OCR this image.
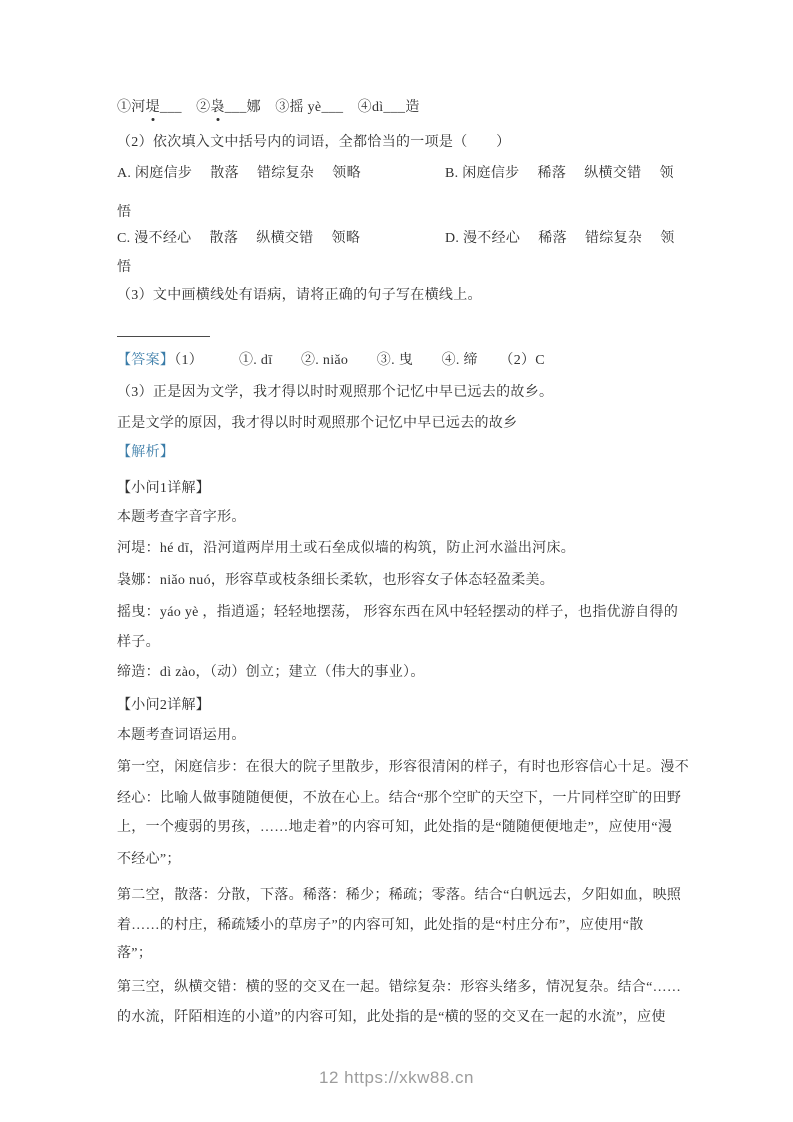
①河堤___　②袅___娜　③摇 yè___　④dì___造
（2）依次填入文中括号内的词语，全都恰当的一项是（　　）
A. 闲庭信步　 散落　 错综复杂　 领略	B. 闲庭信步　 稀落　 纵横交错　 领
悟
C. 漫不经心　 散落　 纵横交错　 领略	D. 漫不经心　 稀落　 错综复杂　 领
悟
（3）文中画横线处有语病，请将正确的句子写在横线上。
【答案】（1）　　　①. dī　　②. niǎo　　③. 曳　　④. 缔　　（2）C
（3）正是因为文学，我才得以时时观照那个记忆中早已远去的故乡。
正是文学的原因，我才得以时时观照那个记忆中早已远去的故乡
【解析】
【小问1详解】
本题考查字音字形。
河堤：hé dī，沿河道两岸用土或石垒成似墙的构筑，防止河水溢出河床。
袅娜：niǎo nuó，形容草或枝条细长柔软，也形容女子体态轻盈柔美。
摇曳：yáo yè ，指逍遥；轻轻地摆荡， 形容东西在风中轻轻摆动的样子，也指优游自得的
样子。
缔造：dì zào，（动）创立；建立（伟大的事业）。
【小问2详解】
本题考查词语运用。
第一空，闲庭信步：在很大的院子里散步，形容很清闲的样子，有时也形容信心十足。漫不
经心：比喻人做事随随便便，不放在心上。结合“那个空旷的天空下，一片同样空旷的田野
上，一个瘦弱的男孩，……地走着”的内容可知，此处指的是“随随便便地走”，应使用“漫
不经心”；
第二空，散落：分散，下落。稀落：稀少；稀疏；零落。结合“白帆远去，夕阳如血，映照
着……的村庄，稀疏矮小的草房子”的内容可知，此处指的是“村庄分布”，应使用“散
落”；
第三空，纵横交错：横的竖的交叉在一起。错综复杂：形容头绪多，情况复杂。结合“……
的水流，阡陌相连的小道”的内容可知，此处指的是“横的竖的交叉在一起的水流”，应使
12 https://xkw88.cn
